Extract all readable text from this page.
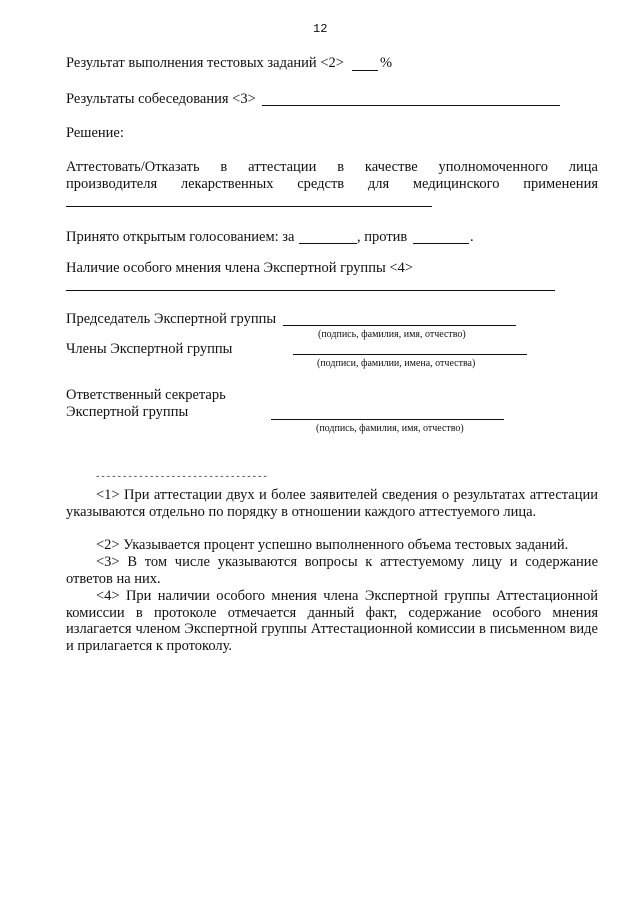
12
Результат выполнения тестовых заданий <2> %
Результаты собеседования <3>
Решение:
Аттестовать/Отказать в аттестации в качестве уполномоченного лица
производителя лекарственных средств для медицинского применения
Принято открытым голосованием: за	, против	.
Наличие особого мнения члена Экспертной группы <4>
Председатель Экспертной группы
(подпись, фамилия, имя, отчество)
Члены Экспертной группы
(подписи, фамилии, имена, отчества)
Ответственный секретарь
Экспертной группы
(подпись, фамилия, имя, отчество)
--------------------------------
<1> При аттестации двух и более заявителей сведения о результатах аттестации указываются отдельно по порядку в отношении каждого аттестуемого лица.
<2> Указывается процент успешно выполненного объема тестовых заданий.
<3> В том числе указываются вопросы к аттестуемому лицу и содержание ответов на них.
<4> При наличии особого мнения члена Экспертной группы Аттестационной комиссии в протоколе отмечается данный факт, содержание особого мнения излагается членом Экспертной группы Аттестационной комиссии в письменном виде и прилагается к протоколу.
